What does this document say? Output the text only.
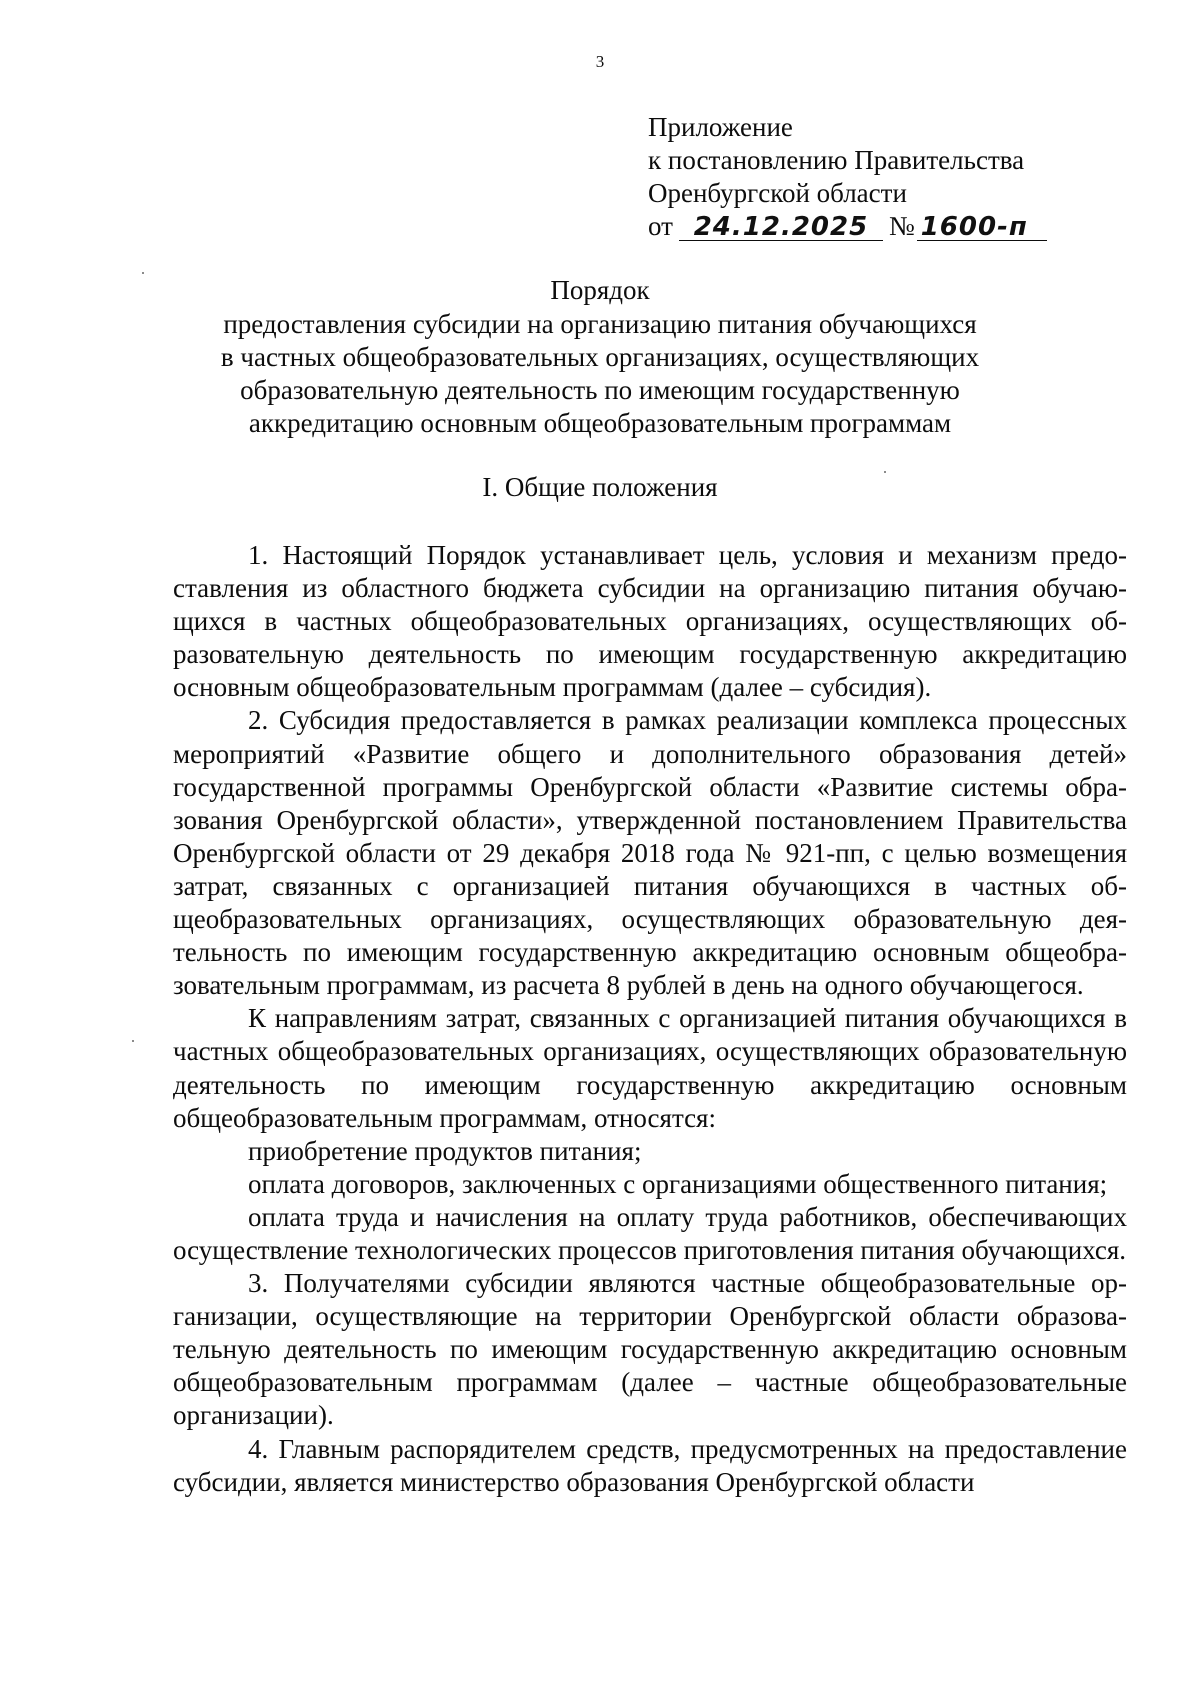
3
Приложение
к постановлению Правительства
Оренбургской области
от 24.12.2025 № 1600-п
Порядок
предоставления субсидии на организацию питания обучающихся
в частных общеобразовательных организациях, осуществляющих
образовательную деятельность по имеющим государственную
аккредитацию основным общеобразовательным программам
I. Общие положения

1. Настоящий Порядок устанавливает цель, условия и механизм предоставления из областного бюджета субсидии на организацию питания обучающихся в частных общеобразовательных организациях, осуществляющих образовательную деятельность по имеющим государственную аккредитацию основным общеобразовательным программам (далее – субсидия).

2. Субсидия предоставляется в рамках реализации комплекса процессных мероприятий «Развитие общего и дополнительного образования детей» государственной программы Оренбургской области «Развитие системы образования Оренбургской области», утвержденной постановлением Правительства Оренбургской области от 29 декабря 2018 года № 921-пп, с целью возмещения затрат, связанных с организацией питания обучающихся в частных общеобразовательных организациях, осуществляющих образовательную деятельность по имеющим государственную аккредитацию основным общеобразовательным программам, из расчета 8 рублей в день на одного обучающегося.

К направлениям затрат, связанных с организацией питания обучающихся в частных общеобразовательных организациях, осуществляющих образовательную деятельность по имеющим государственную аккредитацию основным общеобразовательным программам, относятся:

приобретение продуктов питания;

оплата договоров, заключенных с организациями общественного питания;

оплата труда и начисления на оплату труда работников, обеспечивающих осуществление технологических процессов приготовления питания обучающихся.

3. Получателями субсидии являются частные общеобразовательные организации, осуществляющие на территории Оренбургской области образовательную деятельность по имеющим государственную аккредитацию основным общеобразовательным программам (далее – частные общеобразовательные организации).

4. Главным распорядителем средств, предусмотренных на предоставление субсидии, является министерство образования Оренбургской области
